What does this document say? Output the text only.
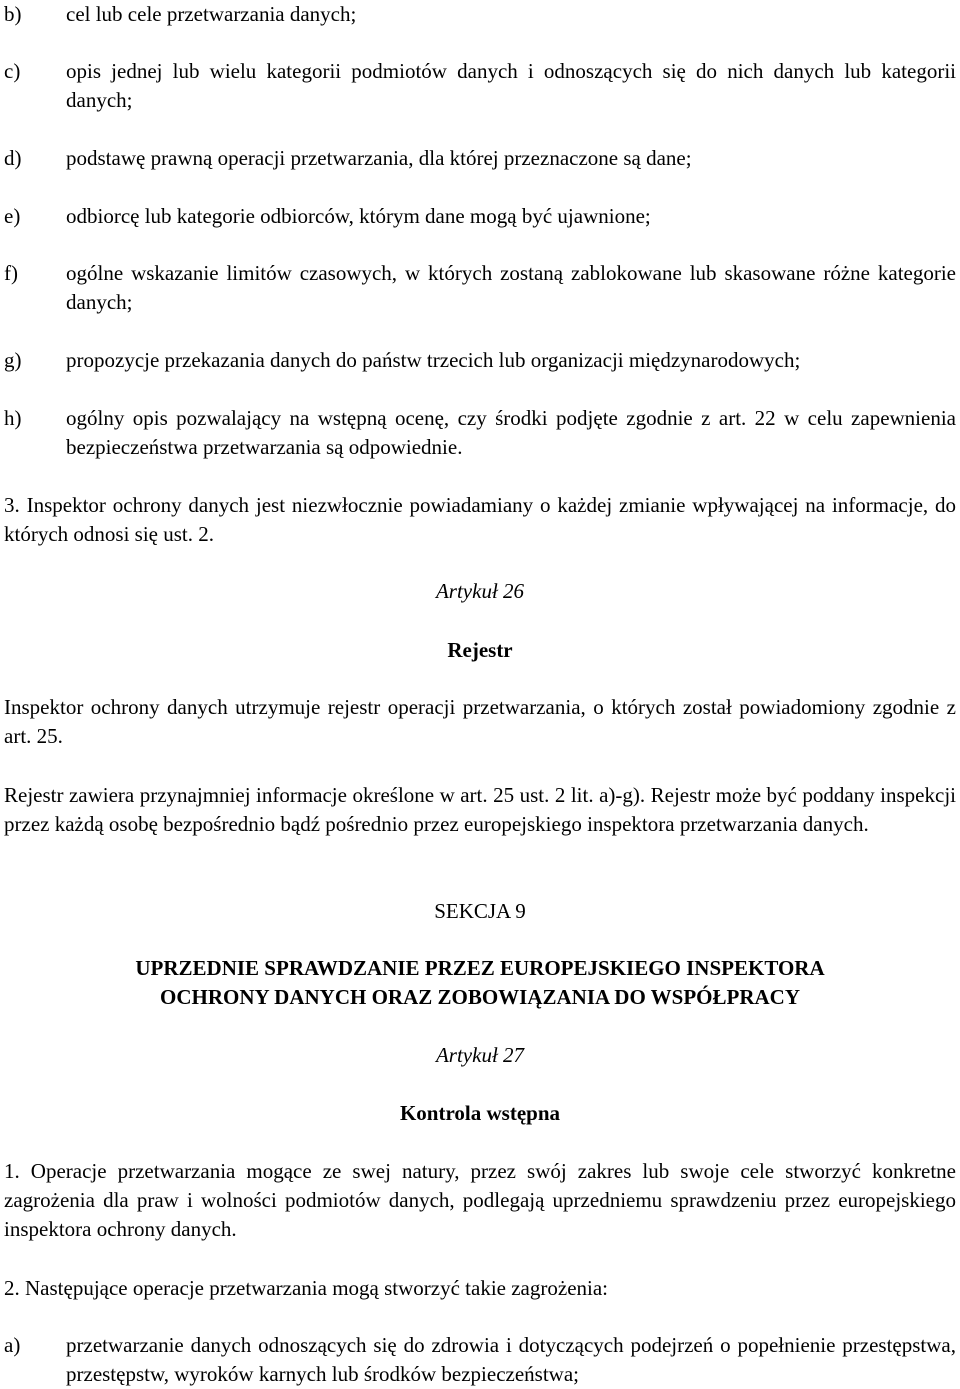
b) cel lub cele przetwarzania danych;
c) opis jednej lub wielu kategorii podmiotów danych i odnoszących się do nich danych lub kategorii danych;
d) podstawę prawną operacji przetwarzania, dla której przeznaczone są dane;
e) odbiorcę lub kategorie odbiorców, którym dane mogą być ujawnione;
f) ogólne wskazanie limitów czasowych, w których zostaną zablokowane lub skasowane różne kategorie danych;
g) propozycje przekazania danych do państw trzecich lub organizacji międzynarodowych;
h) ogólny opis pozwalający na wstępną ocenę, czy środki podjęte zgodnie z art. 22 w celu zapewnienia bezpieczeństwa przetwarzania są odpowiednie.
3. Inspektor ochrony danych jest niezwłocznie powiadamiany o każdej zmianie wpływającej na informacje, do których odnosi się ust. 2.
Artykuł 26
Rejestr
Inspektor ochrony danych utrzymuje rejestr operacji przetwarzania, o których został powiadomiony zgodnie z art. 25.
Rejestr zawiera przynajmniej informacje określone w art. 25 ust. 2 lit. a)-g). Rejestr może być poddany inspekcji przez każdą osobę bezpośrednio bądź pośrednio przez europejskiego inspektora przetwarzania danych.
SEKCJA 9
UPRZEDNIE SPRAWDZANIE PRZEZ EUROPEJSKIEGO INSPEKTORA
OCHRONY DANYCH ORAZ ZOBOWIĄZANIA DO WSPÓŁPRACY
Artykuł 27
Kontrola wstępna
1. Operacje przetwarzania mogące ze swej natury, przez swój zakres lub swoje cele stworzyć konkretne zagrożenia dla praw i wolności podmiotów danych, podlegają uprzedniemu sprawdzeniu przez europejskiego inspektora ochrony danych.
2. Następujące operacje przetwarzania mogą stworzyć takie zagrożenia:
a) przetwarzanie danych odnoszących się do zdrowia i dotyczących podejrzeń o popełnienie przestępstwa, przestępstw, wyroków karnych lub środków bezpieczeństwa;
